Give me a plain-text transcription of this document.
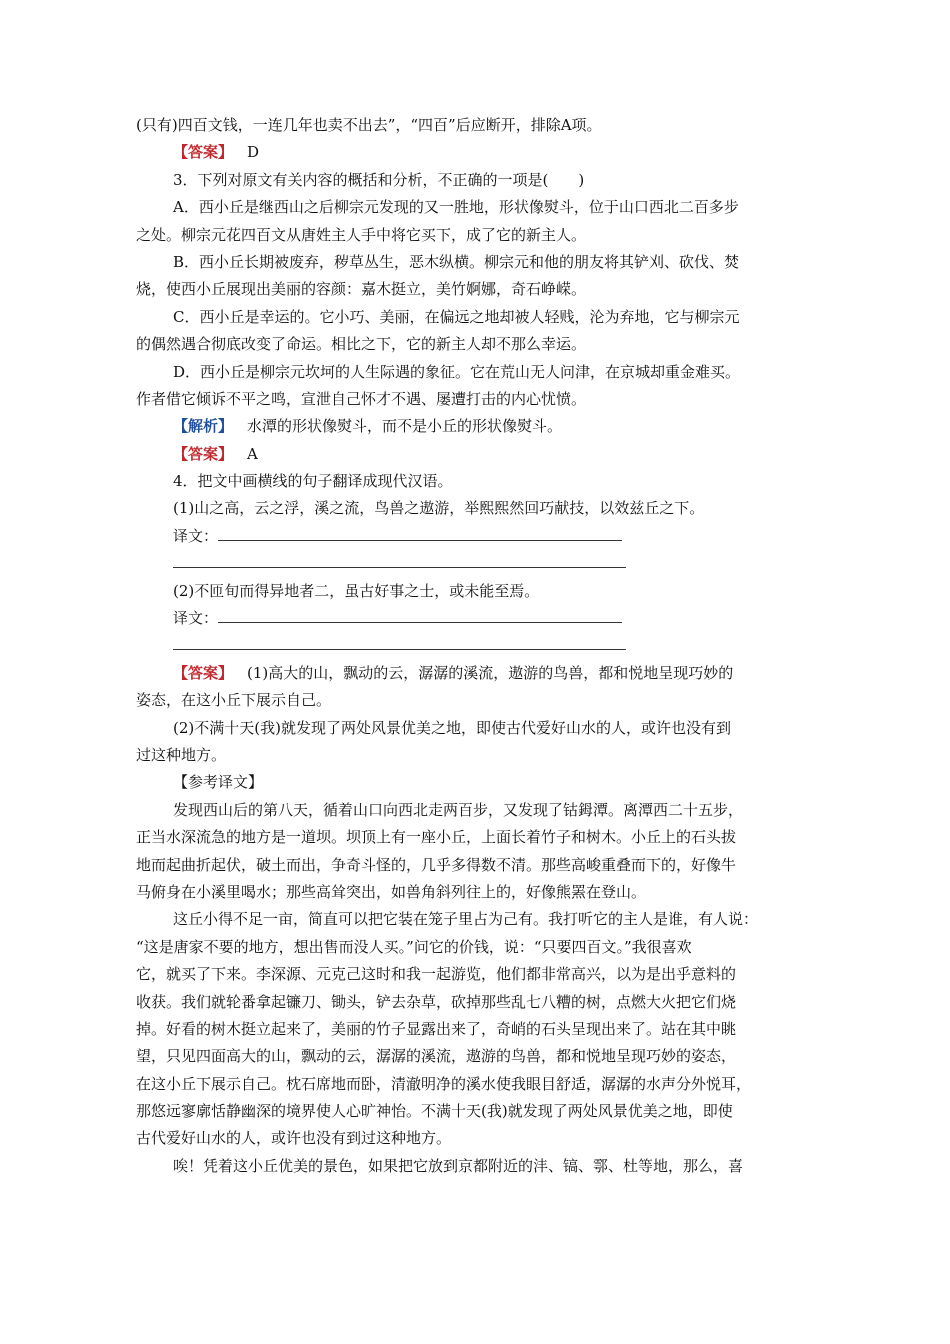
(只有)四百文钱，一连几年也卖不出去”，“四百”后应断开，排除A项。
【答案】 D
3．下列对原文有关内容的概括和分析，不正确的一项是(　　)
A．西小丘是继西山之后柳宗元发现的又一胜地，形状像熨斗，位于山口西北二百多步
之处。柳宗元花四百文从唐姓主人手中将它买下，成了它的新主人。
B．西小丘长期被废弃，秽草丛生，恶木纵横。柳宗元和他的朋友将其铲刈、砍伐、焚
烧，使西小丘展现出美丽的容颜：嘉木挺立，美竹婀娜，奇石峥嵘。
C．西小丘是幸运的。它小巧、美丽，在偏远之地却被人轻贱，沦为弃地，它与柳宗元
的偶然遇合彻底改变了命运。相比之下，它的新主人却不那么幸运。
D．西小丘是柳宗元坎坷的人生际遇的象征。它在荒山无人问津，在京城却重金难买。
作者借它倾诉不平之鸣，宣泄自己怀才不遇、屡遭打击的内心忧愤。
【解析】 水潭的形状像熨斗，而不是小丘的形状像熨斗。
【答案】 A
4．把文中画横线的句子翻译成现代汉语。
(1)山之高，云之浮，溪之流，鸟兽之遨游，举熙熙然回巧献技，以效兹丘之下。
译文：
(2)不匝旬而得异地者二，虽古好事之士，或未能至焉。
译文：
【答案】 (1)高大的山，飘动的云，潺潺的溪流，遨游的鸟兽，都和悦地呈现巧妙的
姿态，在这小丘下展示自己。
(2)不满十天(我)就发现了两处风景优美之地，即使古代爱好山水的人，或许也没有到
过这种地方。
【参考译文】
发现西山后的第八天，循着山口向西北走两百步，又发现了钴鉧潭。离潭西二十五步，
正当水深流急的地方是一道坝。坝顶上有一座小丘，上面长着竹子和树木。小丘上的石头拔
地而起曲折起伏，破土而出，争奇斗怪的，几乎多得数不清。那些高峻重叠而下的，好像牛
马俯身在小溪里喝水；那些高耸突出，如兽角斜列往上的，好像熊罴在登山。
这丘小得不足一亩，简直可以把它装在笼子里占为己有。我打听它的主人是谁，有人说：
“这是唐家不要的地方，想出售而没人买。”问它的价钱，说：“只要四百文。”我很喜欢
它，就买了下来。李深源、元克己这时和我一起游览，他们都非常高兴，以为是出乎意料的
收获。我们就轮番拿起镰刀、锄头，铲去杂草，砍掉那些乱七八糟的树，点燃大火把它们烧
掉。好看的树木挺立起来了，美丽的竹子显露出来了，奇峭的石头呈现出来了。站在其中眺
望，只见四面高大的山，飘动的云，潺潺的溪流，遨游的鸟兽，都和悦地呈现巧妙的姿态，
在这小丘下展示自己。枕石席地而卧，清澈明净的溪水使我眼目舒适，潺潺的水声分外悦耳，
那悠远寥廓恬静幽深的境界使人心旷神怡。不满十天(我)就发现了两处风景优美之地，即使
古代爱好山水的人，或许也没有到过这种地方。
唉！凭着这小丘优美的景色，如果把它放到京都附近的沣、镐、鄠、杜等地，那么，喜
